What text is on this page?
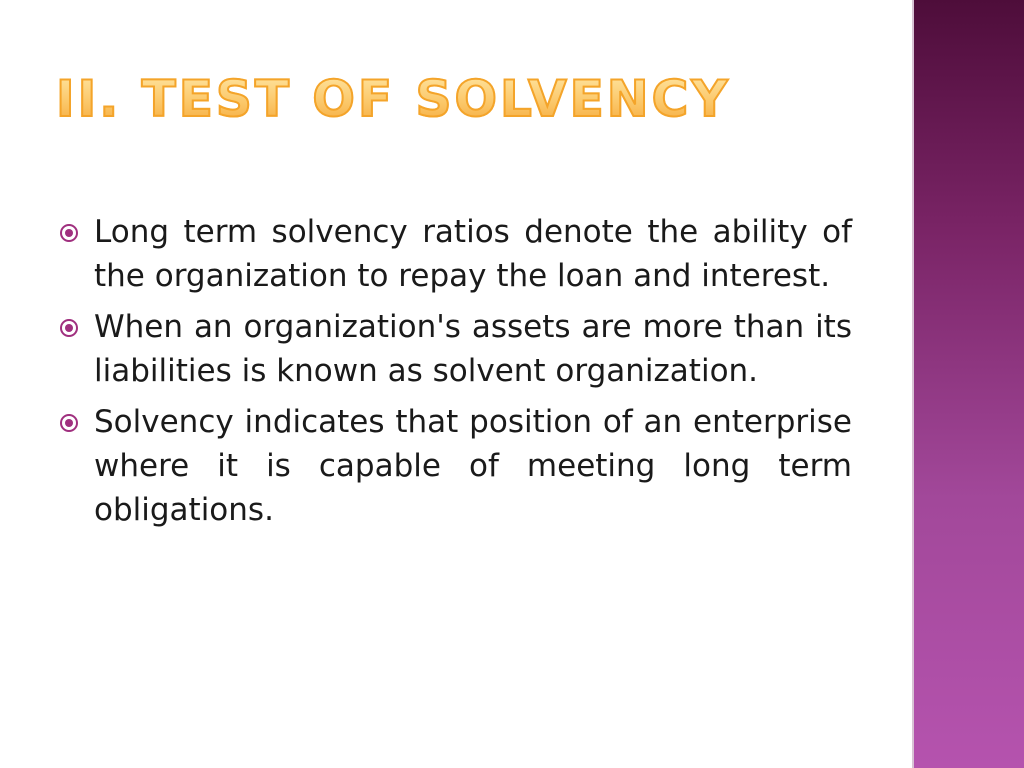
II. TEST OF SOLVENCY
Long term solvency ratios denote the ability of the organization to repay the loan and interest.
When an organization's assets are more than its liabilities is known as solvent organization.
Solvency indicates that position of an enterprise where it is capable of meeting long term obligations.
